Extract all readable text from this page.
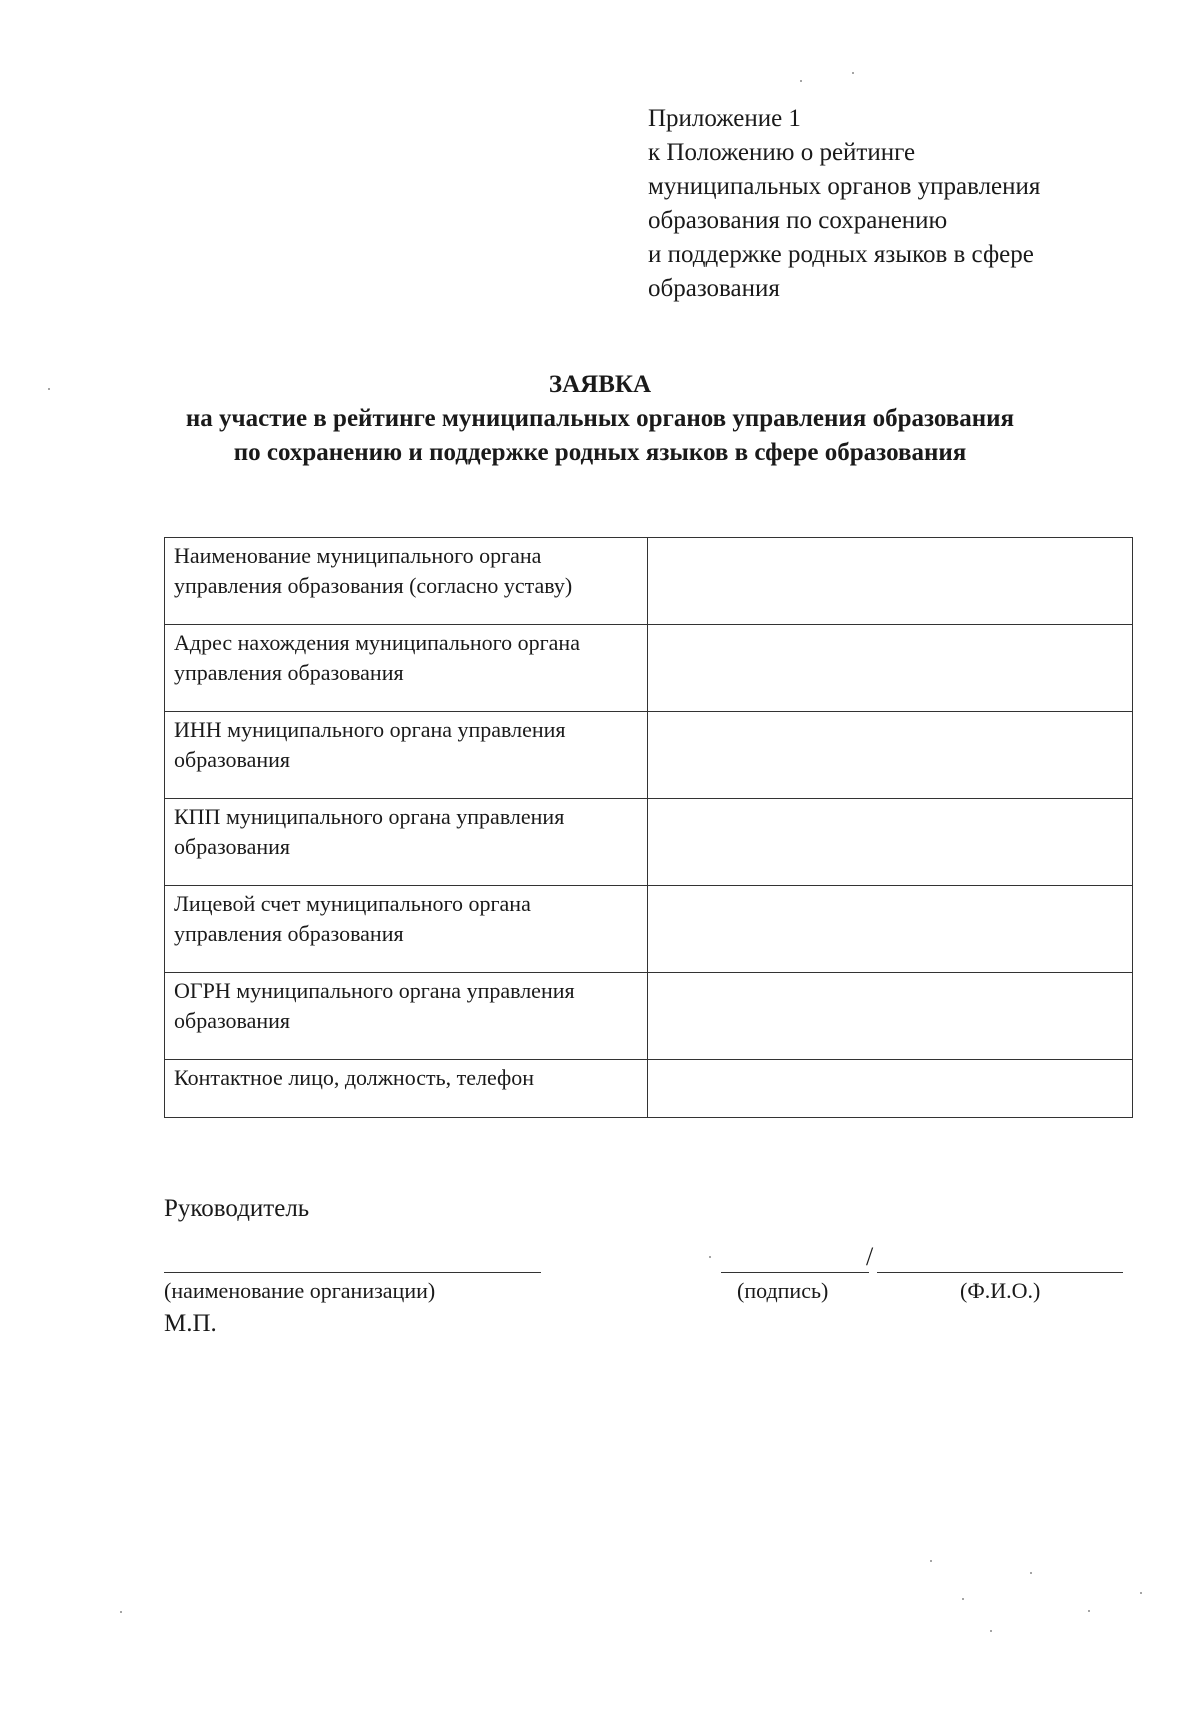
Приложение 1
к Положению о рейтинге
муниципальных органов управления
образования по сохранению
и поддержке родных языков в сфере
образования
ЗАЯВКА
на участие в рейтинге муниципальных органов управления образования
по сохранению и поддержке родных языков в сфере образования
Наименование муниципального органа управления образования (согласно уставу)	
Адрес нахождения муниципального органа управления образования	
ИНН муниципального органа управления образования	
КПП муниципального органа управления образования	
Лицевой счет муниципального органа управления образования	
ОГРН муниципального органа управления образования	
Контактное лицо, должность, телефон	
Руководитель
(наименование организации)
/
(подпись)	(Ф.И.О.)
М.П.
